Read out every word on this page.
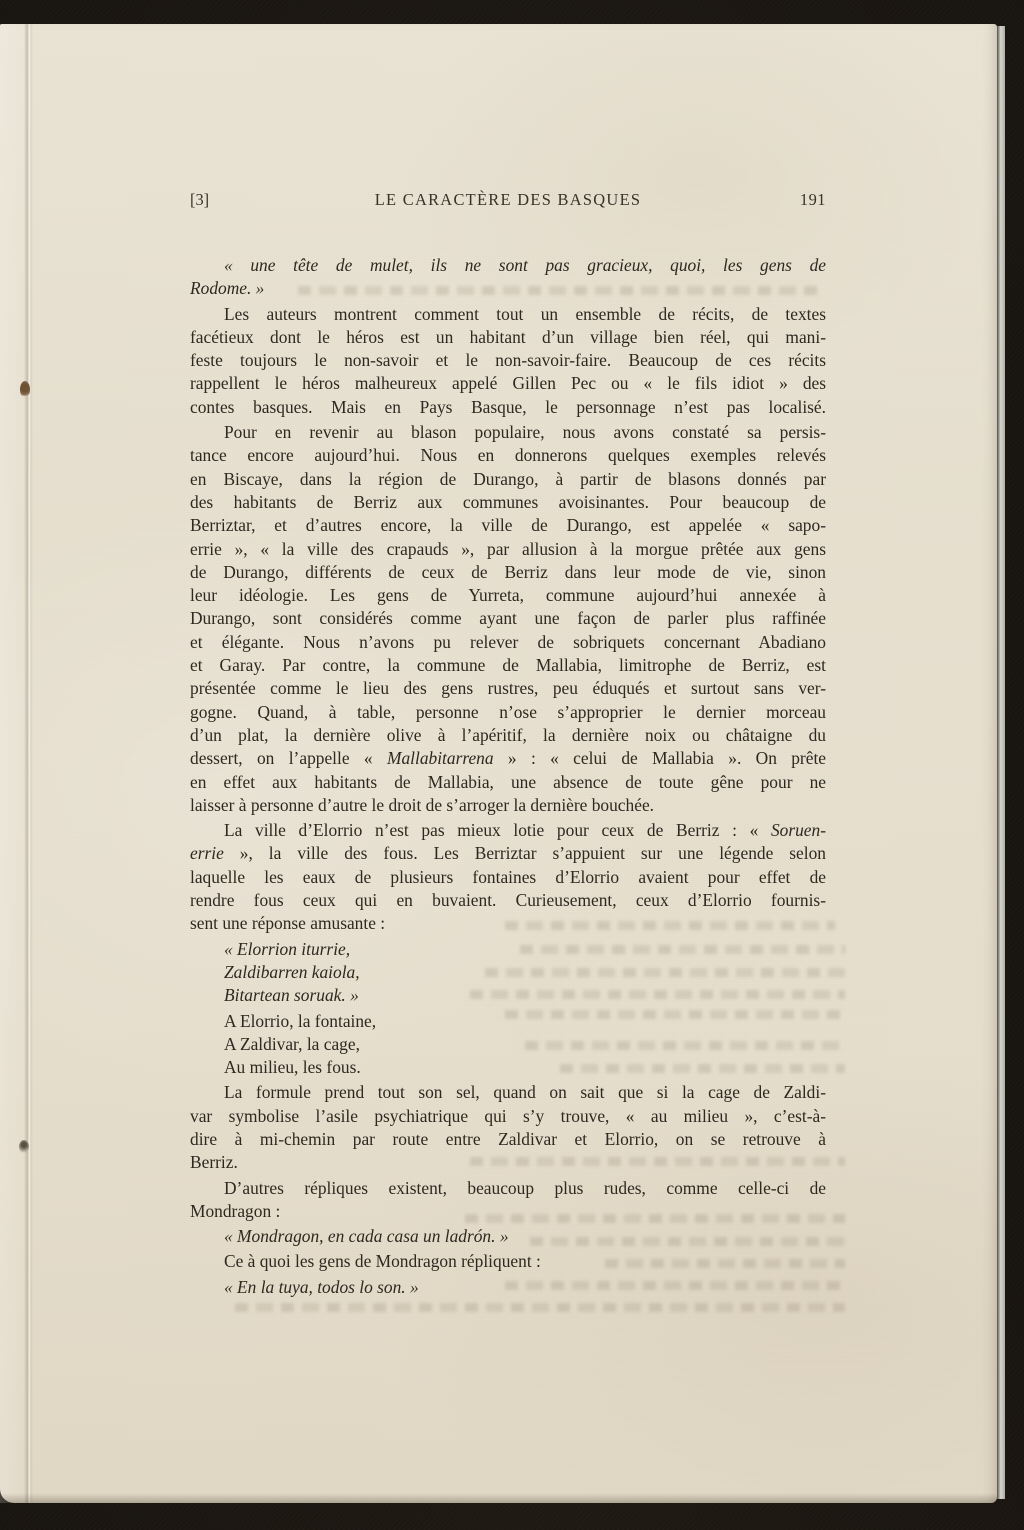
[3]	LE CARACTÈRE DES BASQUES	191
« une tête de mulet, ils ne sont pas gracieux, quoi, les gens de
Rodome. »
Les auteurs montrent comment tout un ensemble de récits, de textes
facétieux dont le héros est un habitant d’un village bien réel, qui mani-
feste toujours le non-savoir et le non-savoir-faire. Beaucoup de ces récits
rappellent le héros malheureux appelé Gillen Pec ou « le fils idiot » des
contes basques. Mais en Pays Basque, le personnage n’est pas localisé.
Pour en revenir au blason populaire, nous avons constaté sa persis-
tance encore aujourd’hui. Nous en donnerons quelques exemples relevés
en Biscaye, dans la région de Durango, à partir de blasons donnés par
des habitants de Berriz aux communes avoisinantes. Pour beaucoup de
Berriztar, et d’autres encore, la ville de Durango, est appelée « sapo-
errie », « la ville des crapauds », par allusion à la morgue prêtée aux gens
de Durango, différents de ceux de Berriz dans leur mode de vie, sinon
leur idéologie. Les gens de Yurreta, commune aujourd’hui annexée à
Durango, sont considérés comme ayant une façon de parler plus raffinée
et élégante. Nous n’avons pu relever de sobriquets concernant Abadiano
et Garay. Par contre, la commune de Mallabia, limitrophe de Berriz, est
présentée comme le lieu des gens rustres, peu éduqués et surtout sans ver-
gogne. Quand, à table, personne n’ose s’approprier le dernier morceau
d’un plat, la dernière olive à l’apéritif, la dernière noix ou châtaigne du
dessert, on l’appelle « Mallabitarrena » : « celui de Mallabia ». On prête
en effet aux habitants de Mallabia, une absence de toute gêne pour ne
laisser à personne d’autre le droit de s’arroger la dernière bouchée.
La ville d’Elorrio n’est pas mieux lotie pour ceux de Berriz : « Soruen-
errie », la ville des fous. Les Berriztar s’appuient sur une légende selon
laquelle les eaux de plusieurs fontaines d’Elorrio avaient pour effet de
rendre fous ceux qui en buvaient. Curieusement, ceux d’Elorrio fournis-
sent une réponse amusante :
« Elorrion iturrie,
Zaldibarren kaiola,
Bitartean soruak. »
A Elorrio, la fontaine,
A Zaldivar, la cage,
Au milieu, les fous.
La formule prend tout son sel, quand on sait que si la cage de Zaldi-
var symbolise l’asile psychiatrique qui s’y trouve, « au milieu », c’est-à-
dire à mi-chemin par route entre Zaldivar et Elorrio, on se retrouve à
Berriz.
D’autres répliques existent, beaucoup plus rudes, comme celle-ci de
Mondragon :
« Mondragon, en cada casa un ladrón. »
Ce à quoi les gens de Mondragon répliquent :
« En la tuya, todos lo son. »
